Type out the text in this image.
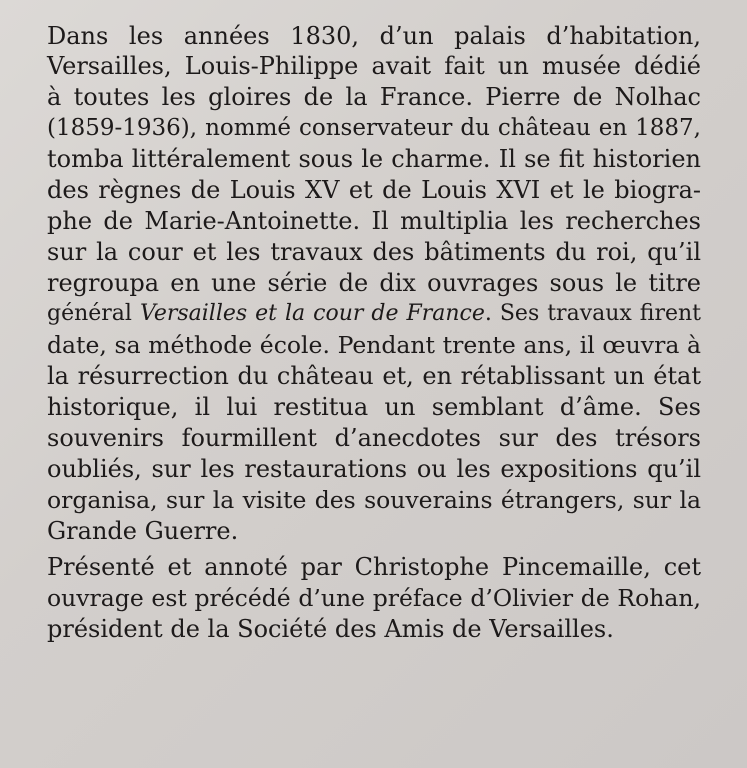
Dans les années 1830, d’un palais d’habitation,
Versailles, Louis-Philippe avait fait un musée dédié
à toutes les gloires de la France. Pierre de Nolhac
(1859-1936), nommé conservateur du château en 1887,
tomba littéralement sous le charme. Il se fit historien
des règnes de Louis XV et de Louis XVI et le biogra-
phe de Marie-Antoinette. Il multiplia les recherches
sur la cour et les travaux des bâtiments du roi, qu’il
regroupa en une série de dix ouvrages sous le titre
général Versailles et la cour de France. Ses travaux firent
date, sa méthode école. Pendant trente ans, il œuvra à
la résurrection du château et, en rétablissant un état
historique, il lui restitua un semblant d’âme. Ses
souvenirs fourmillent d’anecdotes sur des trésors
oubliés, sur les restaurations ou les expositions qu’il
organisa, sur la visite des souverains étrangers, sur la
Grande Guerre.
Présenté et annoté par Christophe Pincemaille, cet
ouvrage est précédé d’une préface d’Olivier de Rohan,
président de la Société des Amis de Versailles.
